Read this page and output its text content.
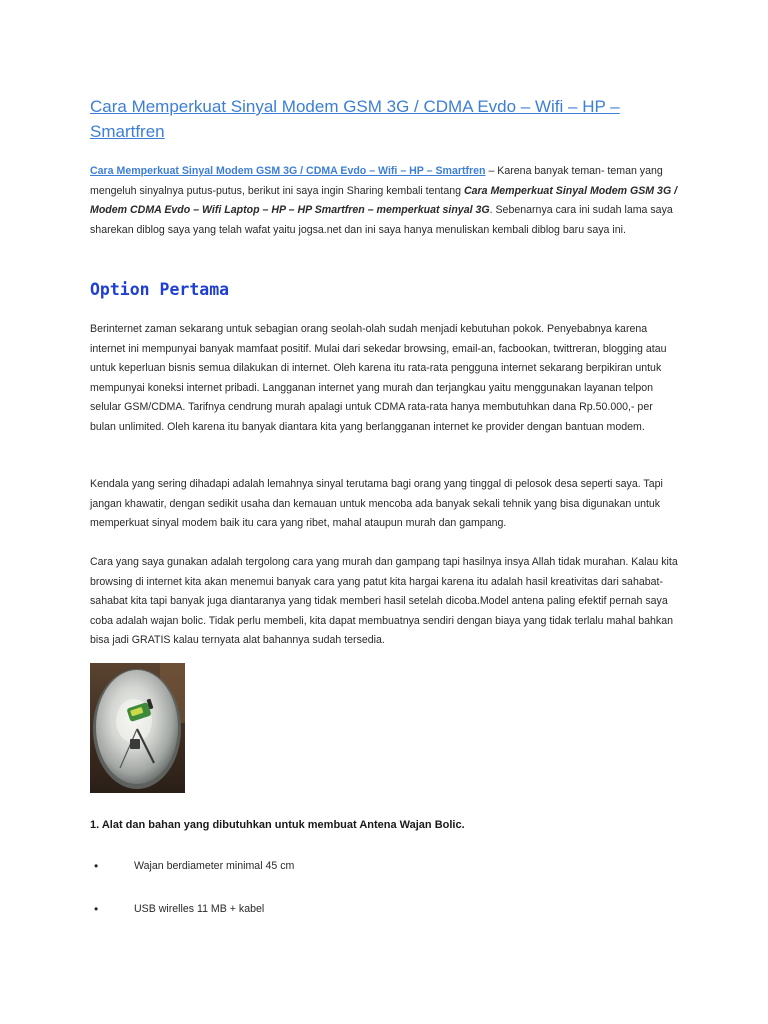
Cara Memperkuat Sinyal Modem GSM 3G / CDMA Evdo – Wifi – HP – Smartfren

Cara Memperkuat Sinyal Modem GSM 3G / CDMA Evdo – Wifi – HP – Smartfren – Karena banyak teman- teman yang mengeluh sinyalnya putus-putus, berikut ini saya ingin Sharing kembali tentang Cara Memperkuat Sinyal Modem GSM 3G / Modem CDMA Evdo – Wifi Laptop – HP – HP Smartfren – memperkuat sinyal 3G. Sebenarnya cara ini sudah lama saya sharekan diblog saya yang telah wafat yaitu jogsa.net dan ini saya hanya menuliskan kembali diblog baru saya ini.

Option Pertama

Berinternet zaman sekarang untuk sebagian orang seolah-olah sudah menjadi kebutuhan pokok. Penyebabnya karena internet ini mempunyai banyak mamfaat positif. Mulai dari sekedar browsing, email-an, facbookan, twittreran, blogging atau untuk keperluan bisnis semua dilakukan di internet. Oleh karena itu rata-rata pengguna internet sekarang berpikiran untuk mempunyai koneksi internet pribadi. Langganan internet yang murah dan terjangkau yaitu menggunakan layanan telpon selular GSM/CDMA. Tarifnya cendrung murah apalagi untuk CDMA rata-rata hanya membutuhkan dana Rp.50.000,- per bulan unlimited. Oleh karena itu banyak diantara kita yang berlangganan internet ke provider dengan bantuan modem.

Kendala yang sering dihadapi adalah lemahnya sinyal terutama bagi orang yang tinggal di pelosok desa seperti saya. Tapi jangan khawatir, dengan sedikit usaha dan kemauan untuk mencoba ada banyak sekali tehnik yang bisa digunakan untuk memperkuat sinyal modem baik itu cara yang ribet, mahal ataupun murah dan gampang.

Cara yang saya gunakan adalah tergolong cara yang murah dan gampang tapi hasilnya insya Allah tidak murahan. Kalau kita browsing di internet kita akan menemui banyak cara yang patut kita hargai karena itu adalah hasil kreativitas dari sahabat-sahabat kita tapi banyak juga diantaranya yang tidak memberi hasil setelah dicoba.Model antena paling efektif pernah saya coba adalah wajan bolic. Tidak perlu membeli, kita dapat membuatnya sendiri dengan biaya yang tidak terlalu mahal bahkan bisa jadi GRATIS kalau ternyata alat bahannya sudah tersedia.

1. Alat dan bahan yang dibutuhkan untuk membuat Antena Wajan Bolic.

•	Wajan berdiameter minimal 45 cm
•	USB wirelles 11 MB + kabel
